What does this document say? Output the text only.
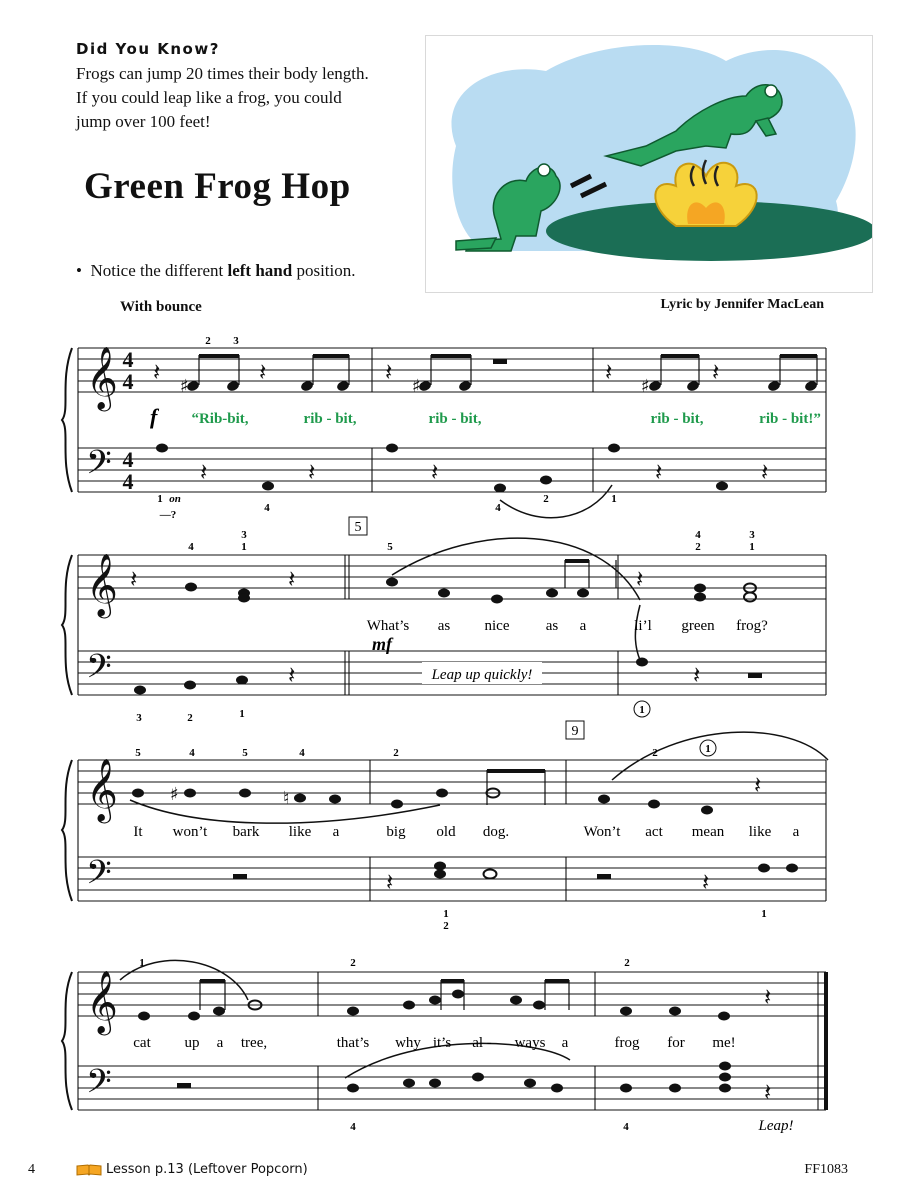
Did You Know?
Frogs can jump 20 times their body length.
If you could leap like a frog, you could
jump over 100 feet!
Green Frog Hop
•  Notice the different left hand position.
With bounce	Lyric by Jennifer MacLean
𝄞
𝄢
𝄞
𝄢
𝄞
𝄢
𝄞
𝄢
𝄽	𝄽	𝄽	𝄽	𝄽
𝄽	𝄽	𝄽	𝄽	𝄽
𝄽	𝄽	𝄽
𝄽	𝄽
𝄽
𝄽	𝄽
𝄽
𝄽
4
4
4
4
♯	♯	♯
♯	♮
f
mf
5
9
“Rib-bit,	rib - bit,	rib - bit,	rib - bit,	rib - bit!”
2 3
1 on
—?
4	4
2	1
What’s as nice as a	li’l green frog?
4
3
1	5
4
2
3
1
3	2	1	1
Leap up quickly!
It won’t bark like a	big old dog.	Won’t act mean like a
5	4	5	4	2	2	1
1
2
1
cat up a tree,	that’s why it’s al - ways a	frog for me!
1	2	2
4	4	Leap!
4	Lesson p.13 (Leftover Popcorn)	FF1083
